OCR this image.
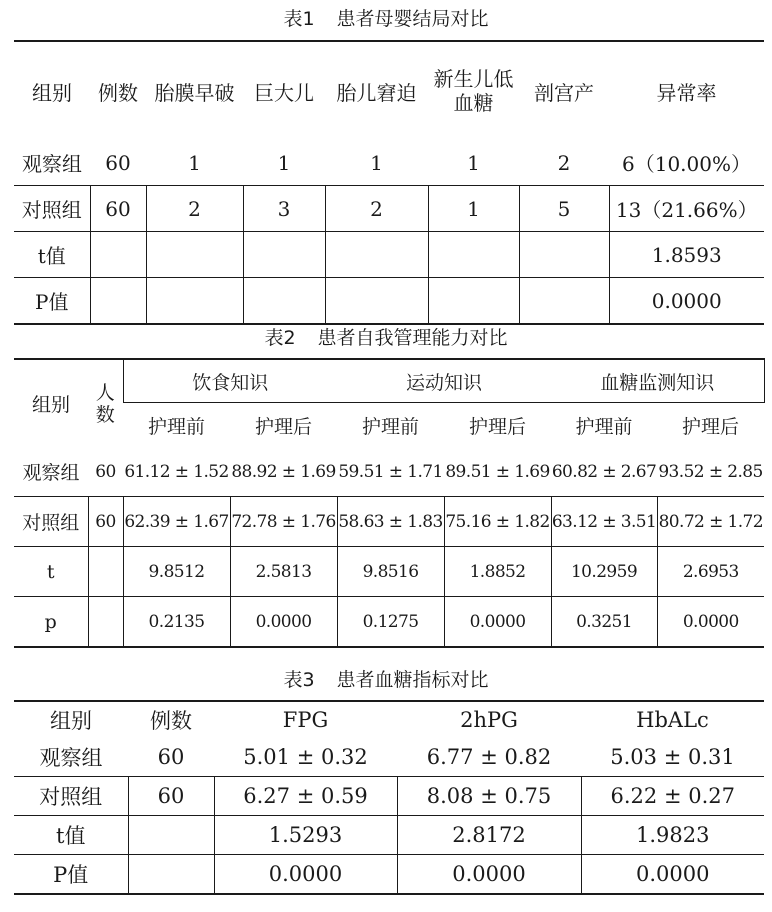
表1 患者母婴结局对比
组别	例数	胎膜早破	巨大儿	胎儿窘迫	新生儿低血糖	剖宫产	异常率
观察组	60	1	1	1	1	2	6（10.00%）
对照组	60	2	3	2	1	5	13（21.66%）
t值							1.8593
P值							0.0000
表2 患者自我管理能力对比
组别	人数	饮食知识		运动知识		血糖监测知识	
		护理前	护理后	护理前	护理后	护理前	护理后
观察组	60	61.12 ± 1.52	88.92 ± 1.69	59.51 ± 1.71	89.51 ± 1.69	60.82 ± 2.67	93.52 ± 2.85
对照组	60	62.39 ± 1.67	72.78 ± 1.76	58.63 ± 1.83	75.16 ± 1.82	63.12 ± 3.51	80.72 ± 1.72
t		9.8512	2.5813	9.8516	1.8852	10.2959	2.6953
p		0.2135	0.0000	0.1275	0.0000	0.3251	0.0000
表3 患者血糖指标对比
组别	例数	FPG	2hPG	HbALc
观察组	60	5.01 ± 0.32	6.77 ± 0.82	5.03 ± 0.31
对照组	60	6.27 ± 0.59	8.08 ± 0.75	6.22 ± 0.27
t值		1.5293	2.8172	1.9823
P值		0.0000	0.0000	0.0000
